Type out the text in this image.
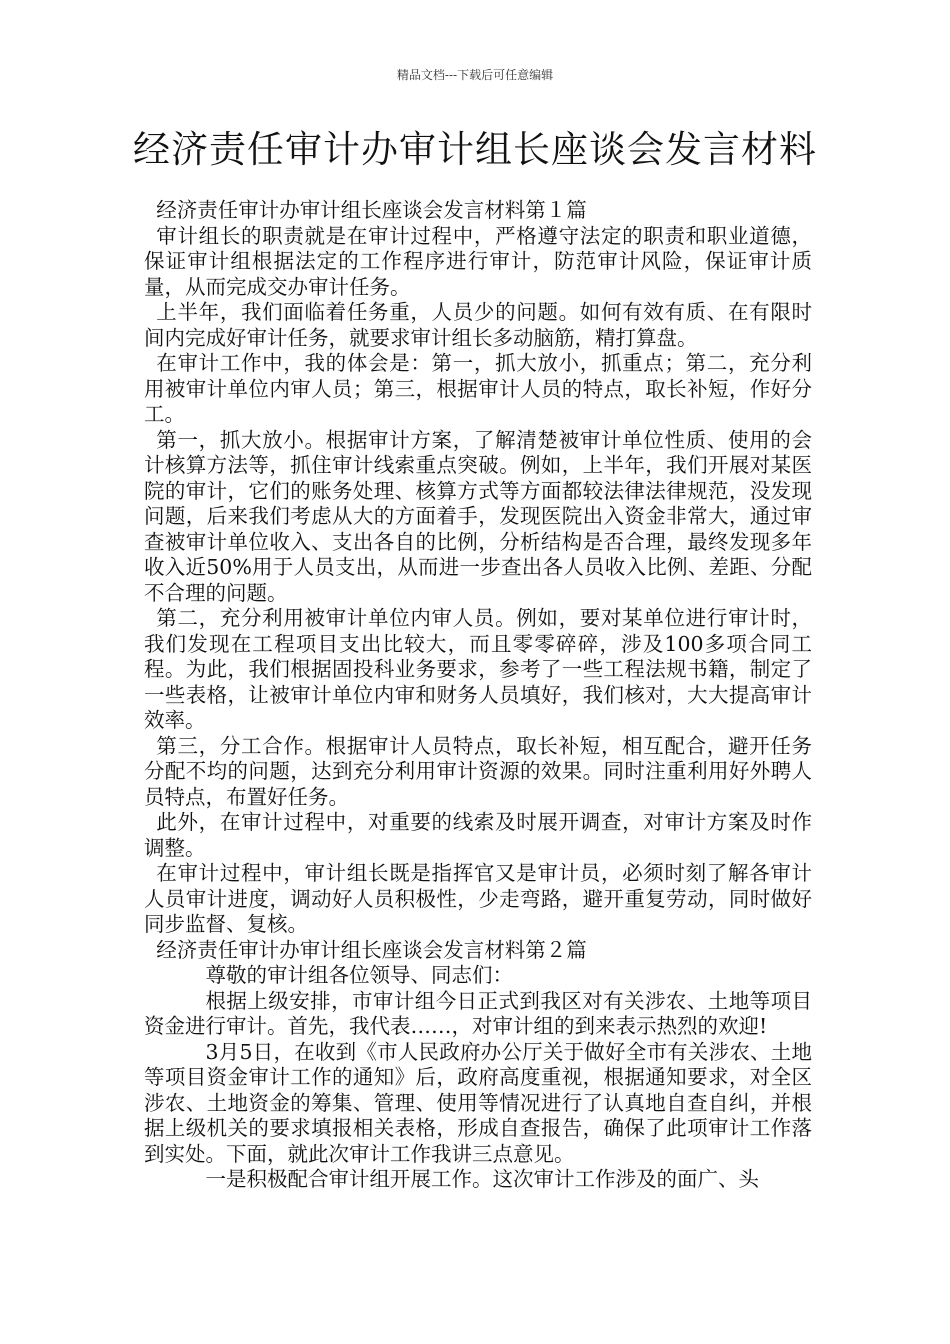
精品文档---下载后可任意编辑
经济责任审计办审计组长座谈会发言材料

经济责任审计办审计组长座谈会发言材料第１篇

审计组长的职责就是在审计过程中，严格遵守法定的职责和职业道德，保证审计组根据法定的工作程序进行审计，防范审计风险，保证审计质量，从而完成交办审计任务。

上半年，我们面临着任务重，人员少的问题。如何有效有质、在有限时间内完成好审计任务，就要求审计组长多动脑筋，精打算盘。

在审计工作中，我的体会是：第一，抓大放小，抓重点；第二，充分利用被审计单位内审人员；第三，根据审计人员的特点，取长补短，作好分工。

第一，抓大放小。根据审计方案，了解清楚被审计单位性质、使用的会计核算方法等，抓住审计线索重点突破。例如，上半年，我们开展对某医院的审计，它们的账务处理、核算方式等方面都较法律法律规范，没发现问题，后来我们考虑从大的方面着手，发现医院出入资金非常大，通过审查被审计单位收入、支出各自的比例，分析结构是否合理，最终发现多年收入近50%用于人员支出，从而进一步查出各人员收入比例、差距、分配不合理的问题。

第二，充分利用被审计单位内审人员。例如，要对某单位进行审计时，我们发现在工程项目支出比较大，而且零零碎碎，涉及100多项合同工程。为此，我们根据固投科业务要求，参考了一些工程法规书籍，制定了一些表格，让被审计单位内审和财务人员填好，我们核对，大大提高审计效率。

第三，分工合作。根据审计人员特点，取长补短，相互配合，避开任务分配不均的问题，达到充分利用审计资源的效果。同时注重利用好外聘人员特点，布置好任务。

此外，在审计过程中，对重要的线索及时展开调查，对审计方案及时作调整。

在审计过程中，审计组长既是指挥官又是审计员，必须时刻了解各审计人员审计进度，调动好人员积极性，少走弯路，避开重复劳动，同时做好同步监督、复核。

经济责任审计办审计组长座谈会发言材料第２篇

尊敬的审计组各位领导、同志们：

根据上级安排，市审计组今日正式到我区对有关涉农、土地等项目资金进行审计。首先，我代表……，对审计组的到来表示热烈的欢迎!

3月5日，在收到《市人民政府办公厅关于做好全市有关涉农、土地等项目资金审计工作的通知》后，政府高度重视，根据通知要求，对全区涉农、土地资金的筹集、管理、使用等情况进行了认真地自查自纠，并根据上级机关的要求填报相关表格，形成自查报告，确保了此项审计工作落到实处。下面，就此次审计工作我讲三点意见。

一是积极配合审计组开展工作。这次审计工作涉及的面广、头
